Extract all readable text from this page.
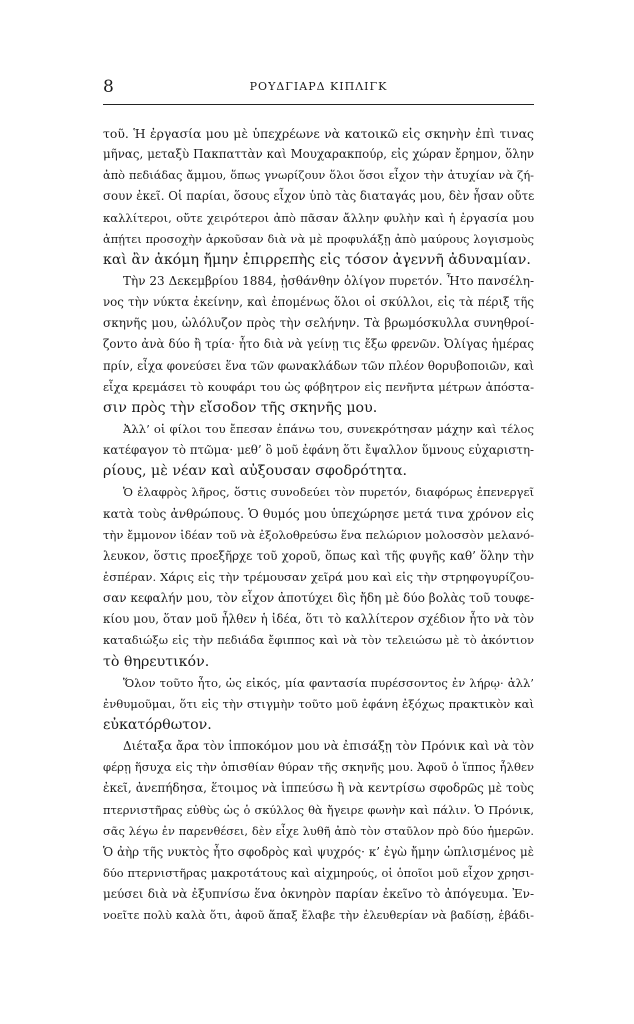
8	ΡΟΥΔΓΙΑΡΔ ΚΙΠΛΙΓΚ
τοῦ. Ἡ ἐργασία μου μὲ ὑπεχρέωνε νὰ κατοικῶ εἰς σκηνὴν ἐπὶ τινας
μῆνας, μεταξὺ Πακπαττὰν καὶ Μουχαρακπούρ, εἰς χώραν ἔρημον, ὅλην
ἀπὸ πεδιάδας ἄμμου, ὅπως γνωρίζουν ὅλοι ὅσοι εἶχον τὴν ἀτυχίαν νὰ ζή-
σουν ἐκεῖ. Οἱ παρίαι, ὅσους εἶχον ὑπὸ τὰς διαταγάς μου, δὲν ἦσαν οὔτε
καλλίτεροι, οὔτε χειρότεροι ἀπὸ πᾶσαν ἄλλην φυλὴν καὶ ἡ ἐργασία μου
ἀπῄτει προσοχὴν ἀρκοῦσαν διὰ νὰ μὲ προφυλάξῃ ἀπὸ μαύρους λογισμοὺς
καὶ ἂν ἀκόμη ἤμην ἐπιρρεπὴς εἰς τόσον ἀγεννῆ ἀδυναμίαν.
Τὴν 23 Δεκεμβρίου 1884, ᾐσθάνθην ὀλίγον πυρετόν. Ἦτο πανσέλη-
νος τὴν νύκτα ἐκείνην, καὶ ἐπομένως ὅλοι οἱ σκύλλοι, εἰς τὰ πέριξ τῆς
σκηνῆς μου, ὠλόλυζον πρὸς τὴν σελήνην. Τὰ βρωμόσκυλλα συνηθροί-
ζοντο ἀνὰ δύο ἢ τρία· ἦτο διὰ νὰ γείνῃ τις ἔξω φρενῶν. Ὀλίγας ἡμέρας
πρίν, εἶχα φονεύσει ἕνα τῶν φωνακλάδων τῶν πλέον θορυβοποιῶν, καὶ
εἶχα κρεμάσει τὸ κουφάρι του ὡς φόβητρον εἰς πενῆντα μέτρων ἀπόστα-
σιν πρὸς τὴν εἴσοδον τῆς σκηνῆς μου.
Ἀλλ’ οἱ φίλοι του ἔπεσαν ἐπάνω του, συνεκρότησαν μάχην καὶ τέλος
κατέφαγον τὸ πτῶμα· μεθ’ ὃ μοῦ ἐφάνη ὅτι ἔψαλλον ὕμνους εὐχαριστη-
ρίους, μὲ νέαν καὶ αὐξουσαν σφοδρότητα.
Ὁ ἐλαφρὸς λῆρος, ὅστις συνοδεύει τὸν πυρετόν, διαφόρως ἐπενεργεῖ
κατὰ τοὺς ἀνθρώπους. Ὁ θυμός μου ὑπεχώρησε μετά τινα χρόνον εἰς
τὴν ἔμμονον ἰδέαν τοῦ νὰ ἐξολοθρεύσω ἕνα πελώριον μολοσσὸν μελανό-
λευκον, ὅστις προεξῆρχε τοῦ χοροῦ, ὅπως καὶ τῆς φυγῆς καθ’ ὅλην τὴν
ἑσπέραν. Χάρις εἰς τὴν τρέμουσαν χεῖρά μου καὶ εἰς τὴν στρηφογυρίζου-
σαν κεφαλήν μου, τὸν εἶχον ἀποτύχει δὶς ἤδη μὲ δύο βολὰς τοῦ τουφε-
κίου μου, ὅταν μοῦ ἦλθεν ἡ ἰδέα, ὅτι τὸ καλλίτερον σχέδιον ἦτο νὰ τὸν
καταδιώξω εἰς τὴν πεδιάδα ἔφιππος καὶ νὰ τὸν τελειώσω μὲ τὸ ἀκόντιον
τὸ θηρευτικόν.
Ὅλον τοῦτο ἦτο, ὡς εἰκός, μία φαντασία πυρέσσοντος ἐν λήρῳ· ἀλλ’
ἐνθυμοῦμαι, ὅτι εἰς τὴν στιγμὴν τοῦτο μοῦ ἐφάνη ἐξόχως πρακτικὸν καὶ
εὐκατόρθωτον.
Διέταξα ἄρα τὸν ἱπποκόμον μου νὰ ἐπισάξῃ τὸν Πρόνικ καὶ νὰ τὸν
φέρῃ ἥσυχα εἰς τὴν ὀπισθίαν θύραν τῆς σκηνῆς μου. Ἀφοῦ ὁ ἵππος ἦλθεν
ἐκεῖ, ἀνεπήδησα, ἕτοιμος νὰ ἱππεύσω ἢ νὰ κεντρίσω σφοδρῶς μὲ τοὺς
πτερνιστῆρας εὐθὺς ὡς ὁ σκύλλος θὰ ἤγειρε φωνὴν καὶ πάλιν. Ὁ Πρόνικ,
σᾶς λέγω ἐν παρενθέσει, δὲν εἶχε λυθῆ ἀπὸ τὸν σταῦλον πρὸ δύο ἡμερῶν.
Ὁ ἀὴρ τῆς νυκτὸς ἦτο σφοδρὸς καὶ ψυχρός· κ’ ἐγὼ ἤμην ὡπλισμένος μὲ
δύο πτερνιστῆρας μακροτάτους καὶ αἰχμηρούς, οἱ ὁποῖοι μοῦ εἶχον χρησι-
μεύσει διὰ νὰ ἐξυπνίσω ἕνα ὀκνηρὸν παρίαν ἐκεῖνο τὸ ἀπόγευμα. Ἐν-
νοεῖτε πολὺ καλὰ ὅτι, ἀφοῦ ἅπαξ ἔλαβε τὴν ἐλευθερίαν νὰ βαδίσῃ, ἐβάδι-
